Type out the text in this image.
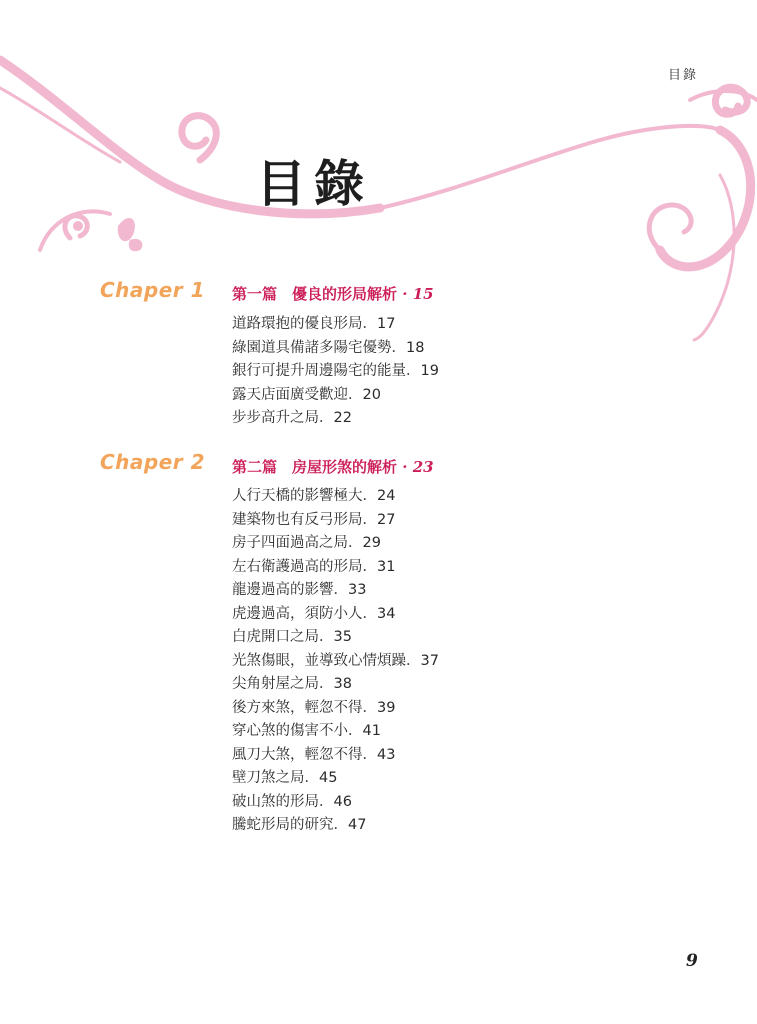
目錄
目錄
Chaper 1 第一篇　優良的形局解析 · 15
道路環抱的優良形局．17
綠園道具備諸多陽宅優勢．18
銀行可提升周邊陽宅的能量．19
露天店面廣受歡迎．20
步步高升之局．22
Chaper 2 第二篇　房屋形煞的解析 · 23
人行天橋的影響極大．24
建築物也有反弓形局．27
房子四面過高之局．29
左右衛護過高的形局．31
龍邊過高的影響．33
虎邊過高，須防小人．34
白虎開口之局．35
光煞傷眼，並導致心情煩躁．37
尖角射屋之局．38
後方來煞，輕忽不得．39
穿心煞的傷害不小．41
風刀大煞，輕忽不得．43
壁刀煞之局．45
破山煞的形局．46
騰蛇形局的研究．47
9
